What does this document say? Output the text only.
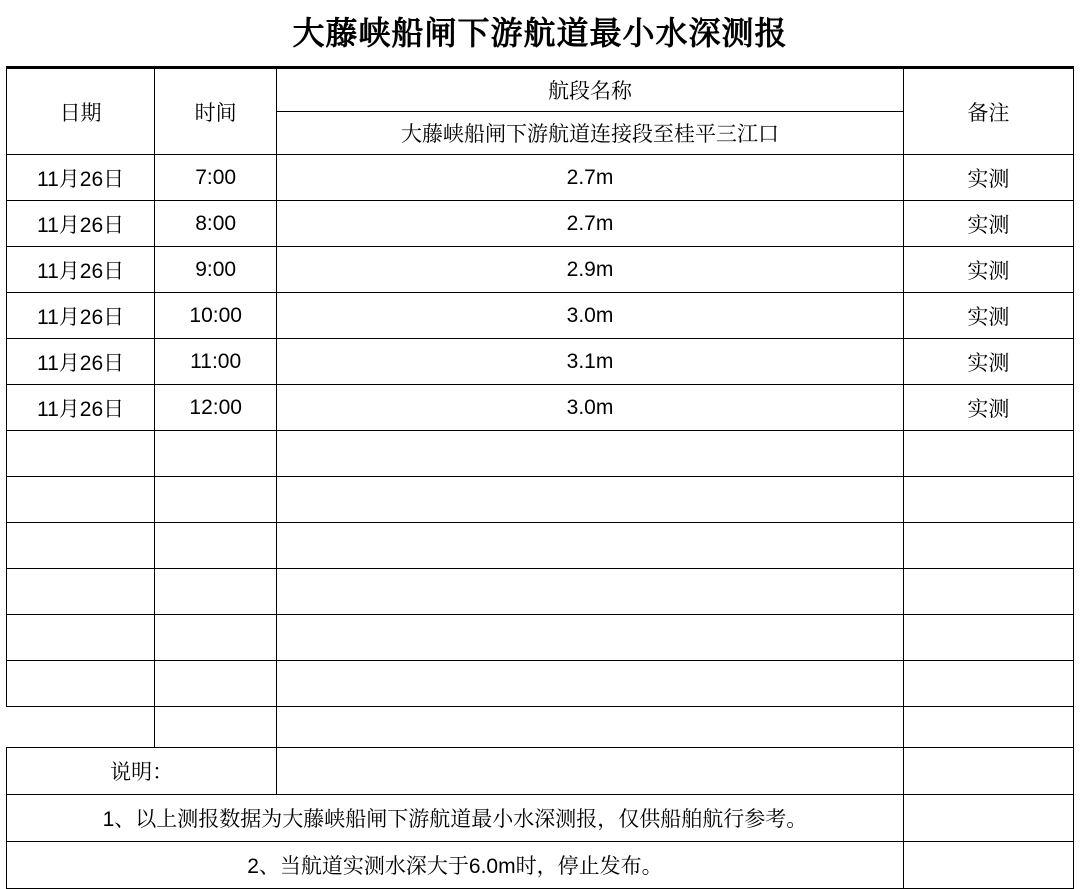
大藤峡船闸下游航道最小水深测报
日期	时间	航段名称	备注
		大藤峡船闸下游航道连接段至桂平三江口	
11月26日	7:00	2.7m	实测
11月26日	8:00	2.7m	实测
11月26日	9:00	2.9m	实测
11月26日	10:00	3.0m	实测
11月26日	11:00	3.1m	实测
11月26日	12:00	3.0m	实测

说明：			
1、以上测报数据为大藤峡船闸下游航道最小水深测报，仅供船舶航行参考。			
2、当航道实测水深大于6.0m时，停止发布。			
